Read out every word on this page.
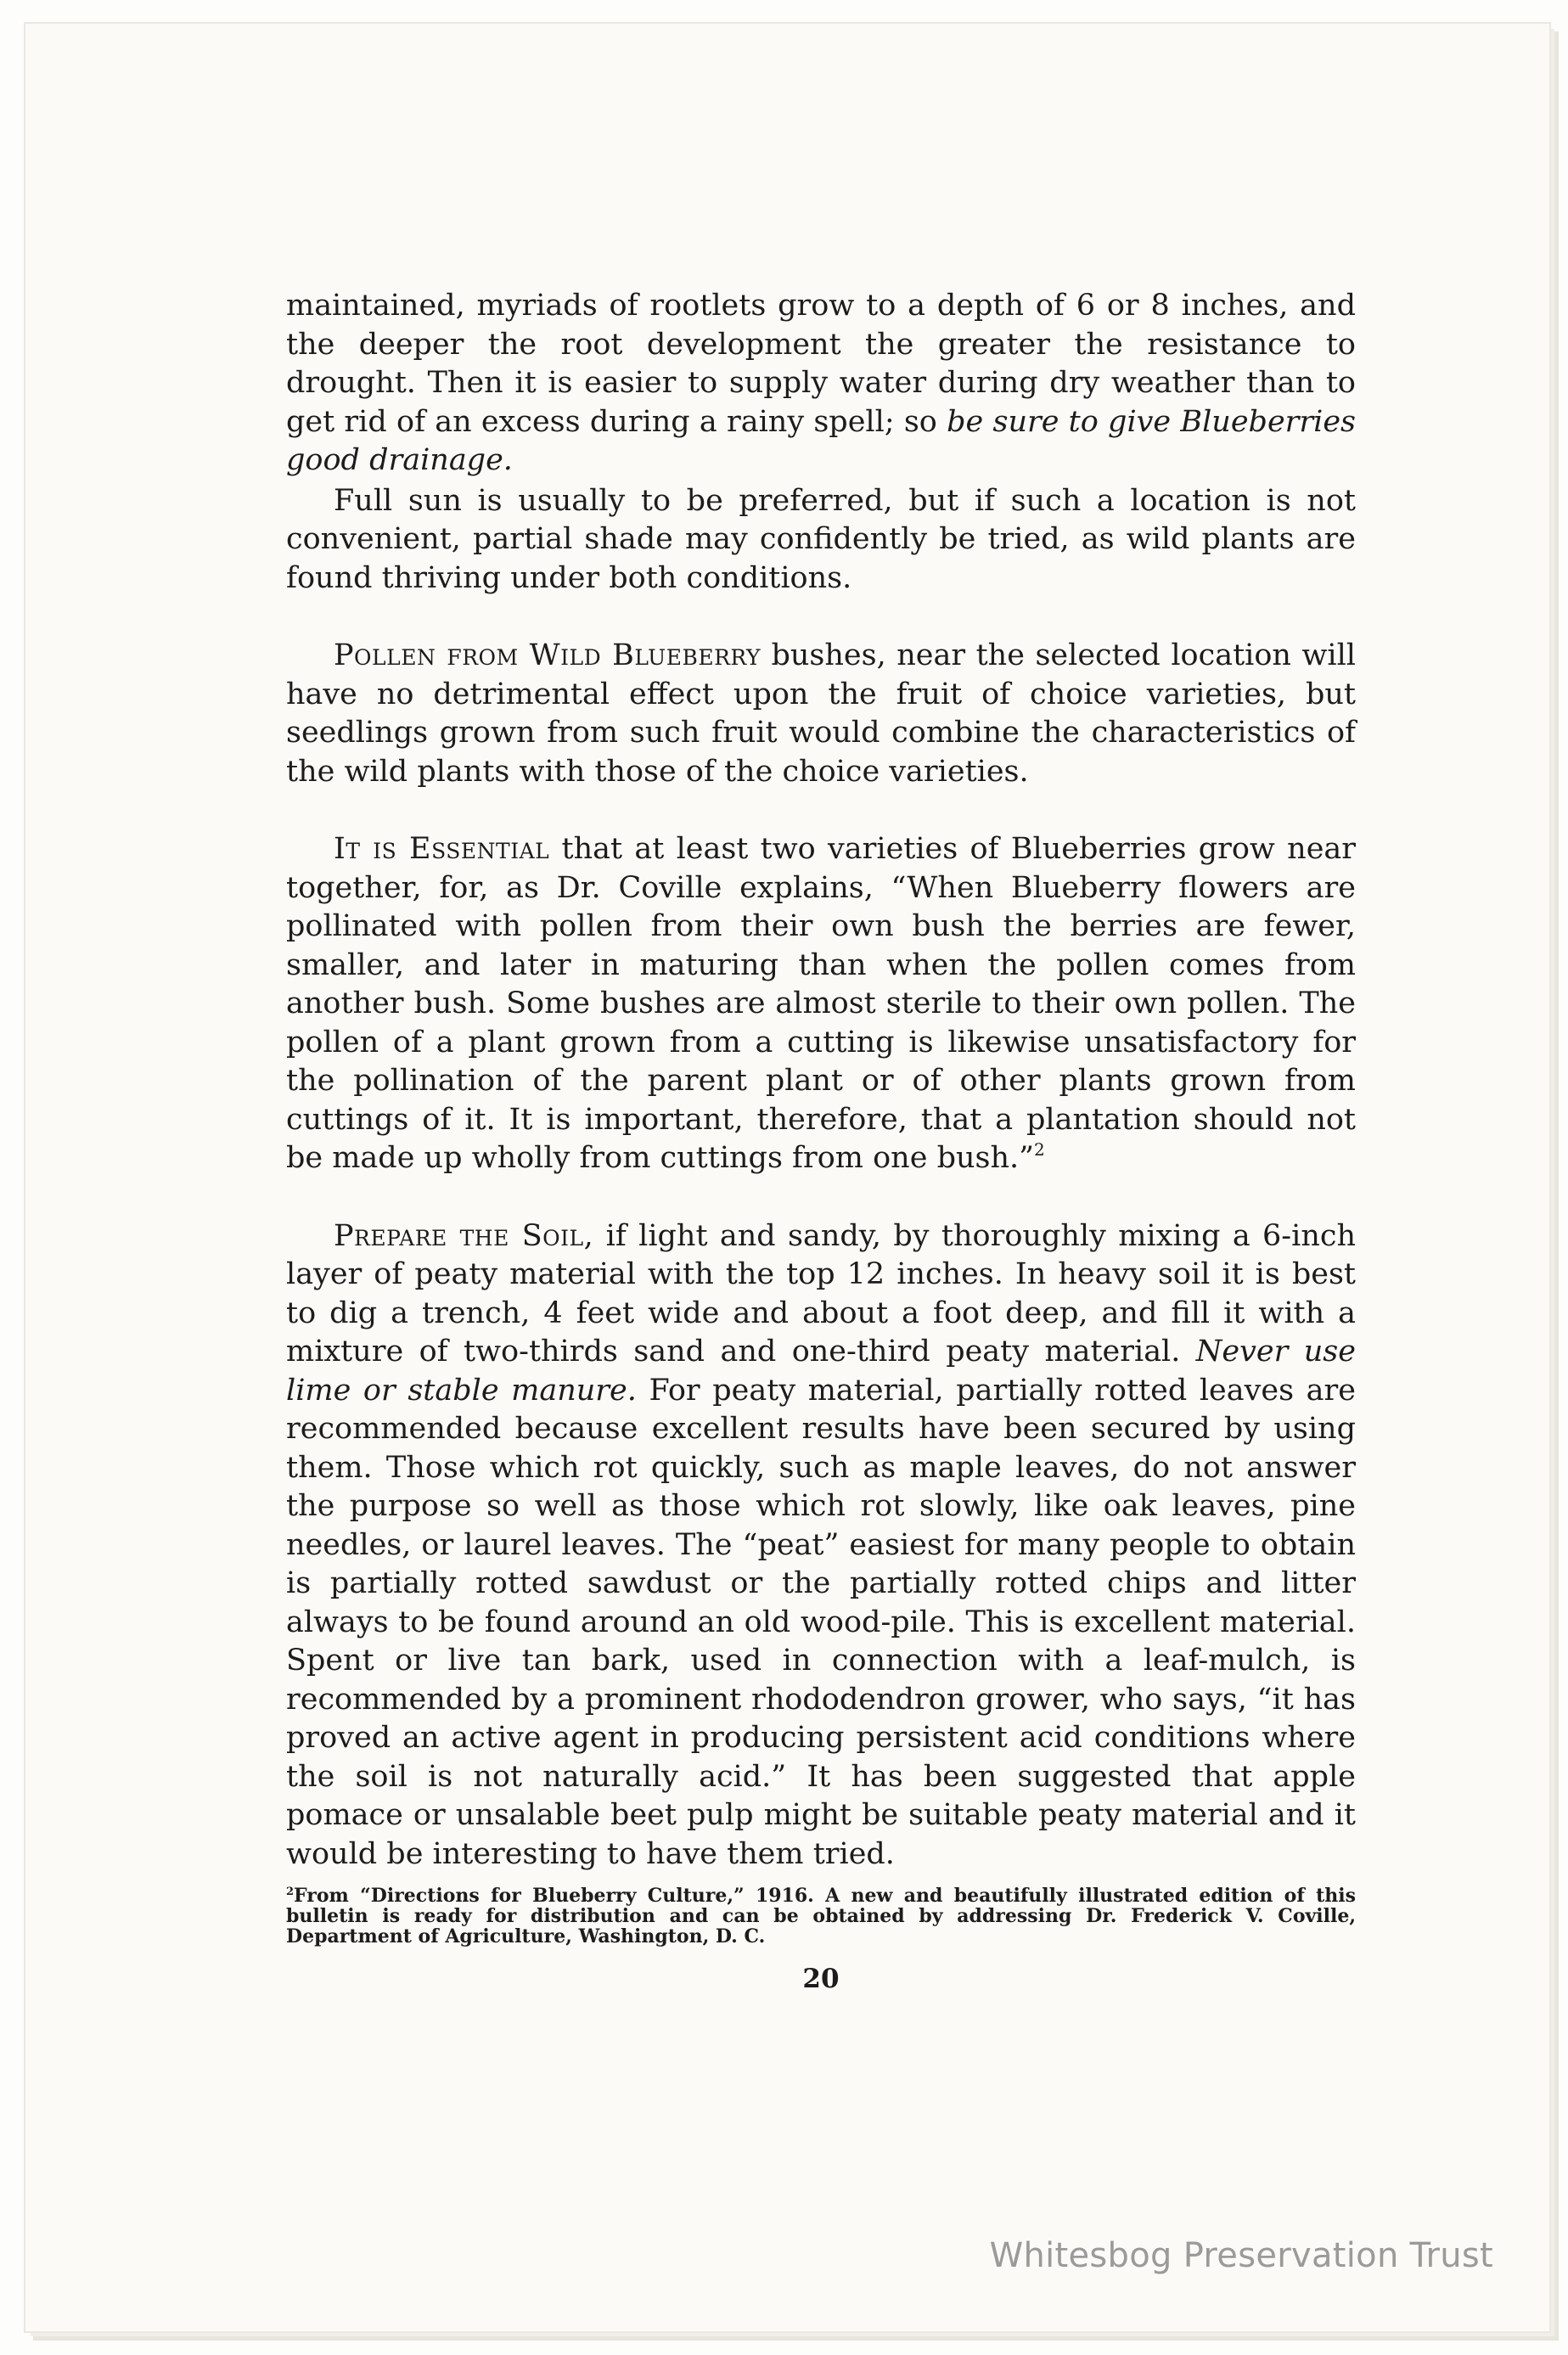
maintained, myriads of rootlets grow to a depth of 6 or 8 inches, and the deeper the root development the greater the resistance to drought. Then it is easier to supply water during dry weather than to get rid of an excess during a rainy spell; so be sure to give Blueberries good drainage.

Full sun is usually to be preferred, but if such a location is not convenient, partial shade may confidently be tried, as wild plants are found thriving under both conditions.

Pollen from Wild Blueberry bushes, near the selected location will have no detrimental effect upon the fruit of choice varieties, but seedlings grown from such fruit would combine the characteristics of the wild plants with those of the choice varieties.

It is Essential that at least two varieties of Blueberries grow near together, for, as Dr. Coville explains, “When Blueberry flowers are pollinated with pollen from their own bush the berries are fewer, smaller, and later in maturing than when the pollen comes from another bush. Some bushes are almost sterile to their own pollen. The pollen of a plant grown from a cutting is likewise unsatisfactory for the pollination of the parent plant or of other plants grown from cuttings of it. It is important, therefore, that a plantation should not be made up wholly from cuttings from one bush.”$^2$

Prepare the Soil, if light and sandy, by thoroughly mixing a 6-inch layer of peaty material with the top 12 inches. In heavy soil it is best to dig a trench, 4 feet wide and about a foot deep, and fill it with a mixture of two-thirds sand and one-third peaty material. Never use lime or stable manure. For peaty material, partially rotted leaves are recommended because excellent results have been secured by using them. Those which rot quickly, such as maple leaves, do not answer the purpose so well as those which rot slowly, like oak leaves, pine needles, or laurel leaves. The “peat” easiest for many people to obtain is partially rotted sawdust or the partially rotted chips and litter always to be found around an old wood-pile. This is excellent material. Spent or live tan bark, used in connection with a leaf-mulch, is recommended by a prominent rhododendron grower, who says, “it has proved an active agent in producing persistent acid conditions where the soil is not naturally acid.” It has been suggested that apple pomace or unsalable beet pulp might be suitable peaty material and it would be interesting to have them tried.

$^2$From “Directions for Blueberry Culture,” 1916. A new and beautifully illustrated edition of this bulletin is ready for distribution and can be obtained by addressing Dr. Frederick V. Coville, Department of Agriculture, Washington, D. C.
20
Whitesbog Preservation Trust
